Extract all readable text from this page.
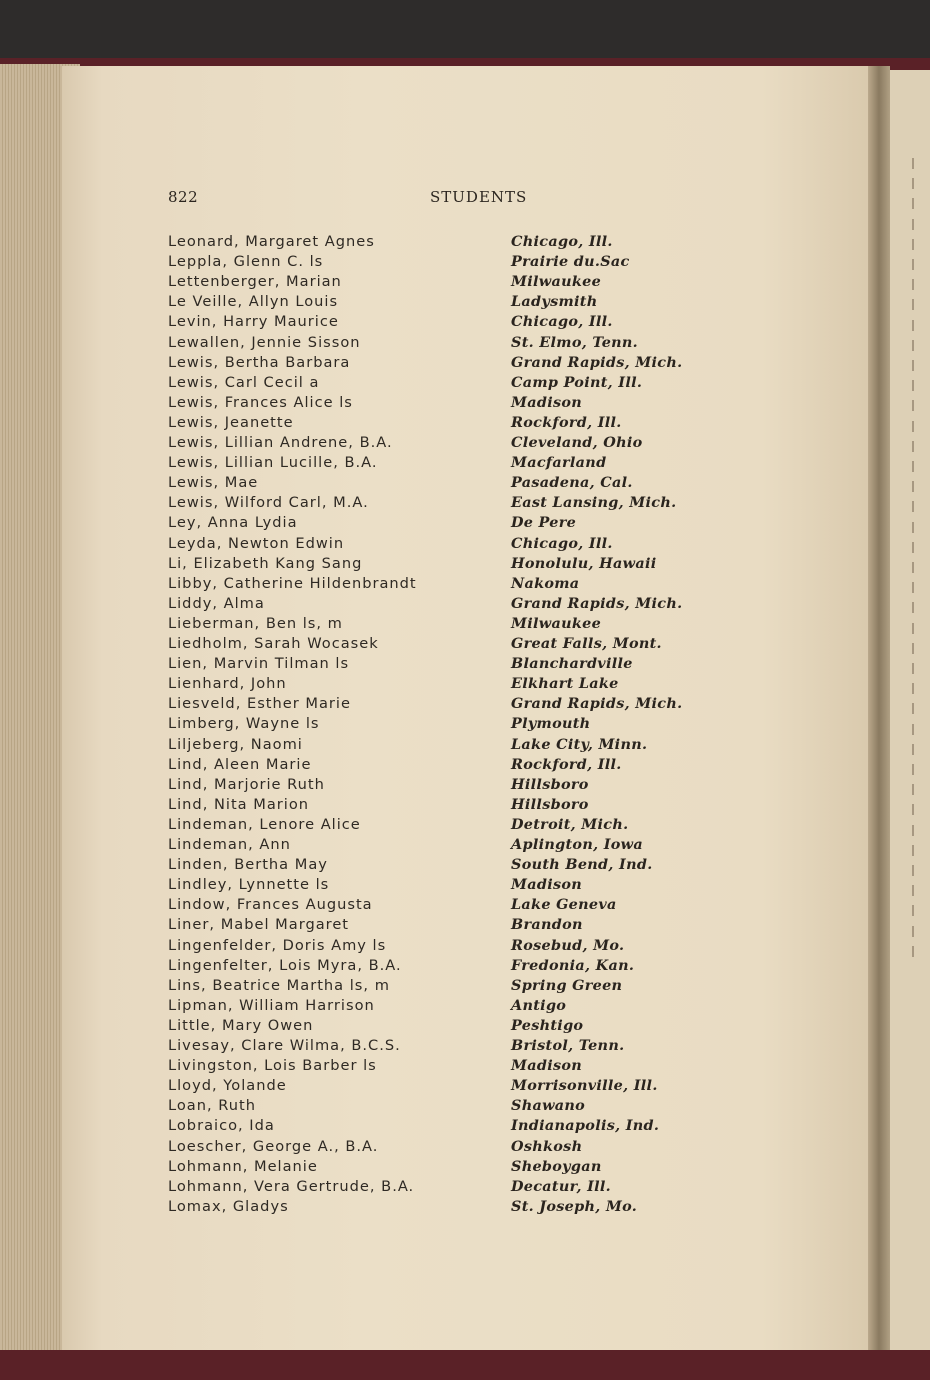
822	STUDENTS
Leonard, Margaret Agnes	Chicago, Ill.
Leppla, Glenn C. ls	Prairie du.Sac
Lettenberger, Marian	Milwaukee
Le Veille, Allyn Louis	Ladysmith
Levin, Harry Maurice	Chicago, Ill.
Lewallen, Jennie Sisson	St. Elmo, Tenn.
Lewis, Bertha Barbara	Grand Rapids, Mich.
Lewis, Carl Cecil a	Camp Point, Ill.
Lewis, Frances Alice ls	Madison
Lewis, Jeanette	Rockford, Ill.
Lewis, Lillian Andrene, B.A.	Cleveland, Ohio
Lewis, Lillian Lucille, B.A.	Macfarland
Lewis, Mae	Pasadena, Cal.
Lewis, Wilford Carl, M.A.	East Lansing, Mich.
Ley, Anna Lydia	De Pere
Leyda, Newton Edwin	Chicago, Ill.
Li, Elizabeth Kang Sang	Honolulu, Hawaii
Libby, Catherine Hildenbrandt	Nakoma
Liddy, Alma	Grand Rapids, Mich.
Lieberman, Ben ls, m	Milwaukee
Liedholm, Sarah Wocasek	Great Falls, Mont.
Lien, Marvin Tilman ls	Blanchardville
Lienhard, John	Elkhart Lake
Liesveld, Esther Marie	Grand Rapids, Mich.
Limberg, Wayne ls	Plymouth
Liljeberg, Naomi	Lake City, Minn.
Lind, Aleen Marie	Rockford, Ill.
Lind, Marjorie Ruth	Hillsboro
Lind, Nita Marion	Hillsboro
Lindeman, Lenore Alice	Detroit, Mich.
Lindeman, Ann	Aplington, Iowa
Linden, Bertha May	South Bend, Ind.
Lindley, Lynnette ls	Madison
Lindow, Frances Augusta	Lake Geneva
Liner, Mabel Margaret	Brandon
Lingenfelder, Doris Amy ls	Rosebud, Mo.
Lingenfelter, Lois Myra, B.A.	Fredonia, Kan.
Lins, Beatrice Martha ls, m	Spring Green
Lipman, William Harrison	Antigo
Little, Mary Owen	Peshtigo
Livesay, Clare Wilma, B.C.S.	Bristol, Tenn.
Livingston, Lois Barber ls	Madison
Lloyd, Yolande	Morrisonville, Ill.
Loan, Ruth	Shawano
Lobraico, Ida	Indianapolis, Ind.
Loescher, George A., B.A.	Oshkosh
Lohmann, Melanie	Sheboygan
Lohmann, Vera Gertrude, B.A.	Decatur, Ill.
Lomax, Gladys	St. Joseph, Mo.
